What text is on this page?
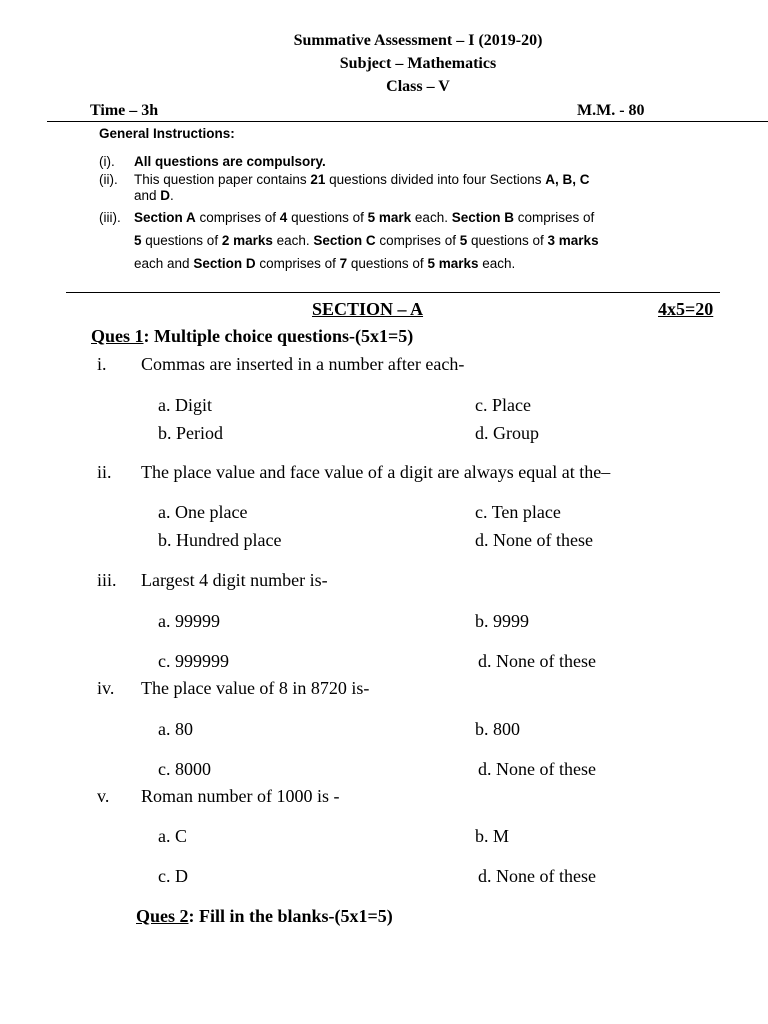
Summative Assessment – I (2019-20)
Subject – Mathematics
Class – V
Time – 3h	M.M. - 80
General Instructions:
(i). All questions are compulsory.
(ii). This question paper contains 21 questions divided into four Sections A, B, C
and D.
(iii). Section A comprises of 4 questions of 5 mark each. Section B comprises of
5 questions of 2 marks each. Section C comprises of 5 questions of 3 marks
each and Section D comprises of 7 questions of 5 marks each.
SECTION – A	4x5=20
Ques 1: Multiple choice questions-(5x1=5)
i. Commas are inserted in a number after each-
a. Digit	c. Place
b. Period	d. Group
ii. The place value and face value of a digit are always equal at the–
a. One place	c. Ten place
b. Hundred place	d. None of these
iii. Largest 4 digit number is-
a. 99999	b. 9999
c. 999999	d. None of these
iv. The place value of 8 in 8720 is-
a. 80	b. 800
c. 8000	d. None of these
v. Roman number of 1000 is -
a. C	b. M
c. D	d. None of these
Ques 2: Fill in the blanks-(5x1=5)
